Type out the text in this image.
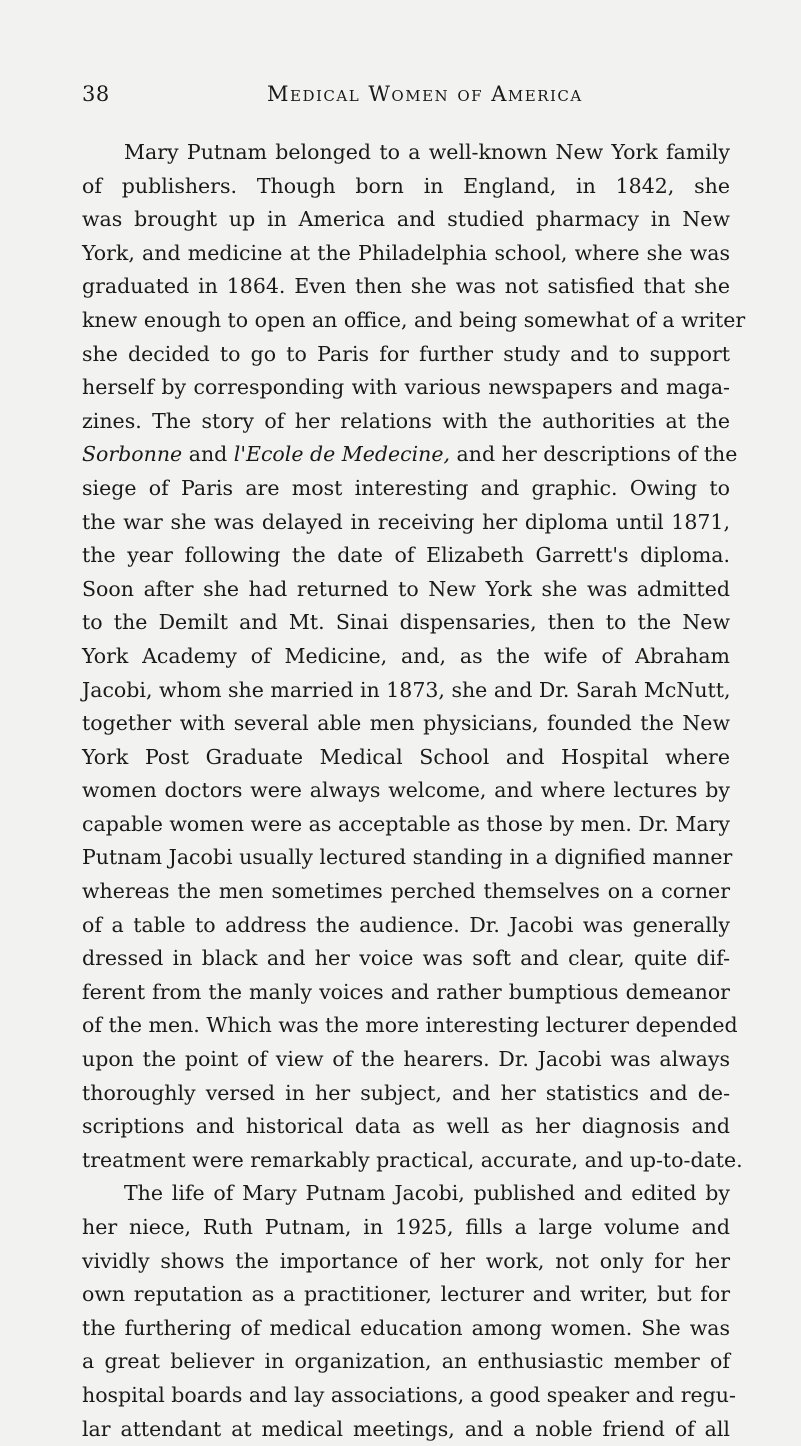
38	Medical Women of America
Mary Putnam belonged to a well-known New York family
of publishers. Though born in England, in 1842, she
was brought up in America and studied pharmacy in New
York, and medicine at the Philadelphia school, where she was
graduated in 1864. Even then she was not satisfied that she
knew enough to open an office, and being somewhat of a writer
she decided to go to Paris for further study and to support
herself by corresponding with various newspapers and maga-
zines. The story of her relations with the authorities at the
Sorbonne and l'Ecole de Medecine, and her descriptions of the
siege of Paris are most interesting and graphic. Owing to
the war she was delayed in receiving her diploma until 1871,
the year following the date of Elizabeth Garrett's diploma.
Soon after she had returned to New York she was admitted
to the Demilt and Mt. Sinai dispensaries, then to the New
York Academy of Medicine, and, as the wife of Abraham
Jacobi, whom she married in 1873, she and Dr. Sarah McNutt,
together with several able men physicians, founded the New
York Post Graduate Medical School and Hospital where
women doctors were always welcome, and where lectures by
capable women were as acceptable as those by men. Dr. Mary
Putnam Jacobi usually lectured standing in a dignified manner
whereas the men sometimes perched themselves on a corner
of a table to address the audience. Dr. Jacobi was generally
dressed in black and her voice was soft and clear, quite dif-
ferent from the manly voices and rather bumptious demeanor
of the men. Which was the more interesting lecturer depended
upon the point of view of the hearers. Dr. Jacobi was always
thoroughly versed in her subject, and her statistics and de-
scriptions and historical data as well as her diagnosis and
treatment were remarkably practical, accurate, and up-to-date.
The life of Mary Putnam Jacobi, published and edited by
her niece, Ruth Putnam, in 1925, fills a large volume and
vividly shows the importance of her work, not only for her
own reputation as a practitioner, lecturer and writer, but for
the furthering of medical education among women. She was
a great believer in organization, an enthusiastic member of
hospital boards and lay associations, a good speaker and regu-
lar attendant at medical meetings, and a noble friend of all
